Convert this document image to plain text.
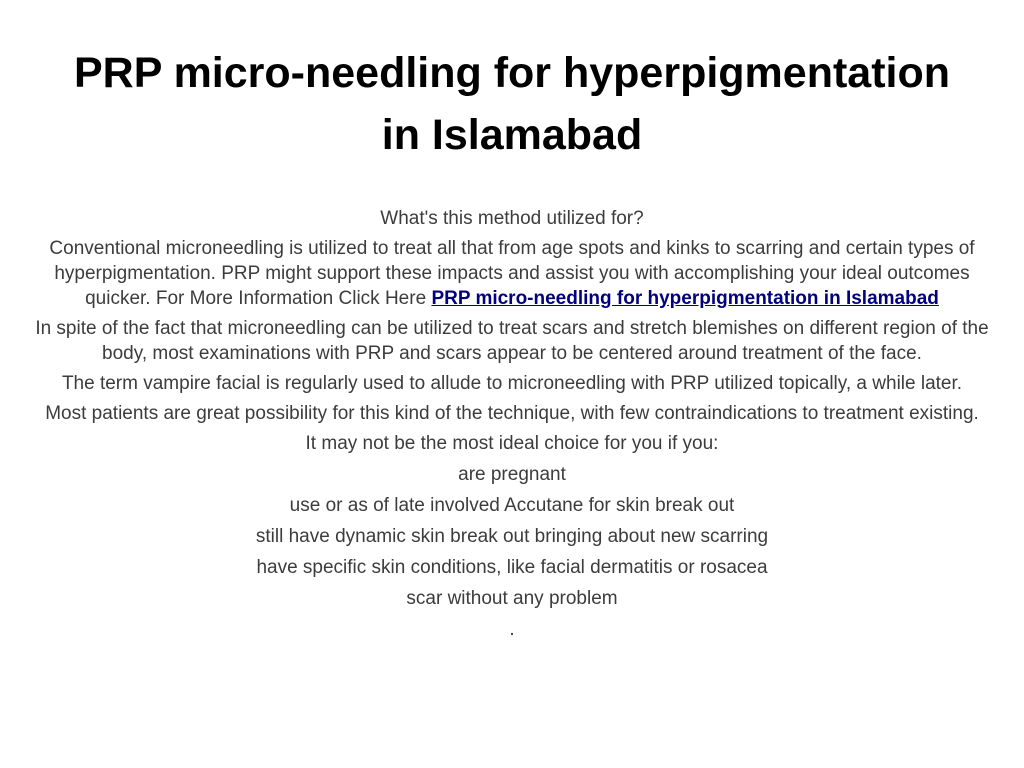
PRP micro-needling for hyperpigmentation in Islamabad

What's this method utilized for?

Conventional microneedling is utilized to treat all that from age spots and kinks to scarring and certain types of hyperpigmentation. PRP might support these impacts and assist you with accomplishing your ideal outcomes quicker. For More Information Click Here PRP micro-needling for hyperpigmentation in Islamabad

In spite of the fact that microneedling can be utilized to treat scars and stretch blemishes on different region of the body, most examinations with PRP and scars appear to be centered around treatment of the face.

The term vampire facial is regularly used to allude to microneedling with PRP utilized topically, a while later.

Most patients are great possibility for this kind of the technique, with few contraindications to treatment existing.

It may not be the most ideal choice for you if you:

are pregnant

use or as of late involved Accutane for skin break out

still have dynamic skin break out bringing about new scarring

have specific skin conditions, like facial dermatitis or rosacea

scar without any problem

.
